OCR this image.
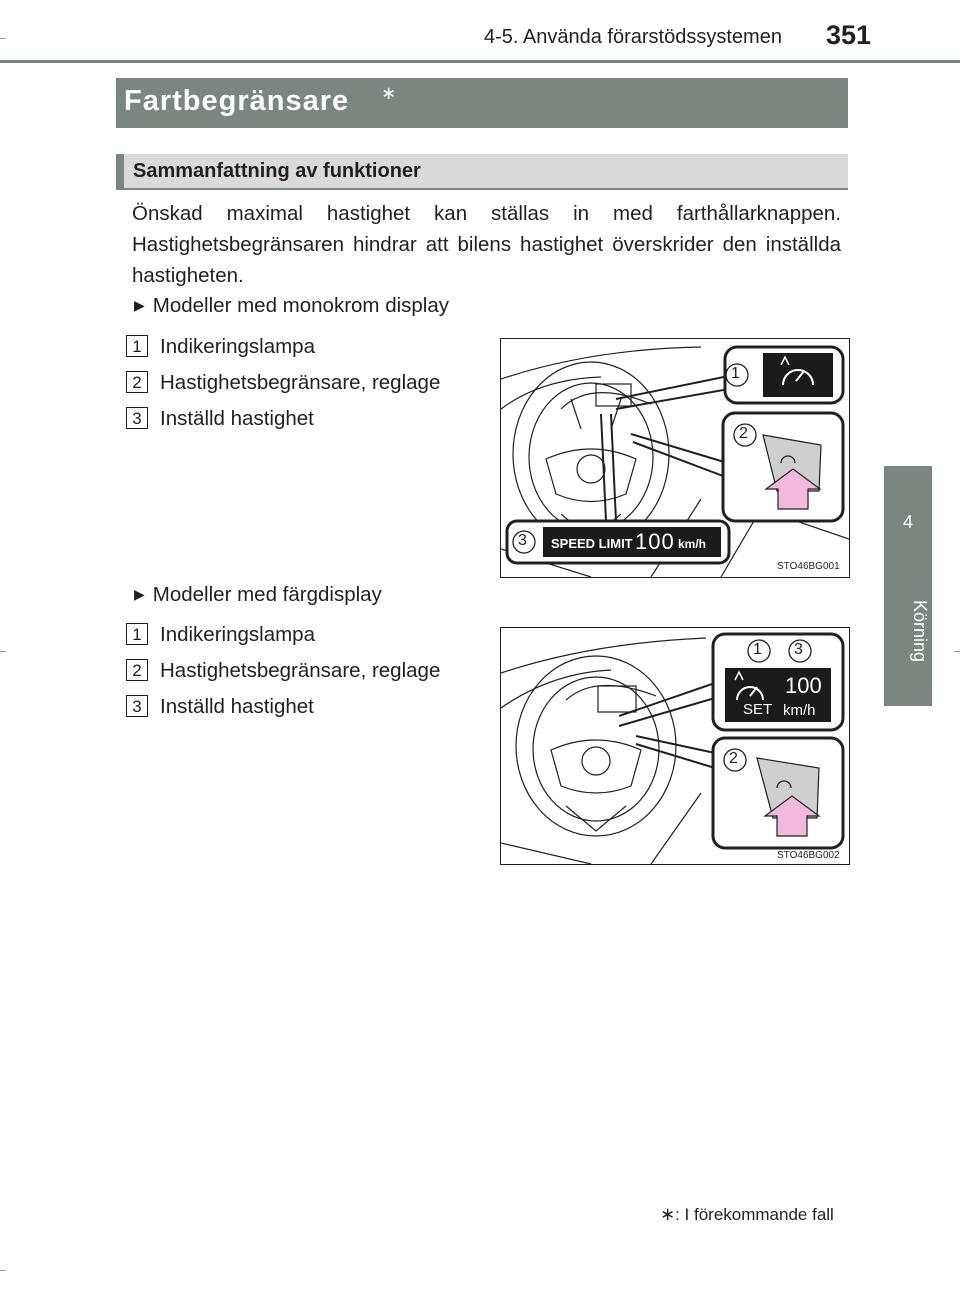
4-5. Använda förarstödssystemen 351
4
Körning
Fartbegränsare ∗
Sammanfattning av funktioner
Önskad maximal hastighet kan ställas in med farthållarknappen. Hastighetsbegränsaren hindrar att bilens hastighet överskrider den inställda hastigheten.
▶ Modeller med monokrom display
1 Indikeringslampa
2 Hastighetsbegränsare, reglage
3 Inställd hastighet
1
2
3 SPEED LIMIT 100 km/h
STO46BG001
▶ Modeller med färgdisplay
1 Indikeringslampa
2 Hastighetsbegränsare, reglage
3 Inställd hastighet
1 3
2
100
SET km/h
STO46BG002
∗: I förekommande fall
